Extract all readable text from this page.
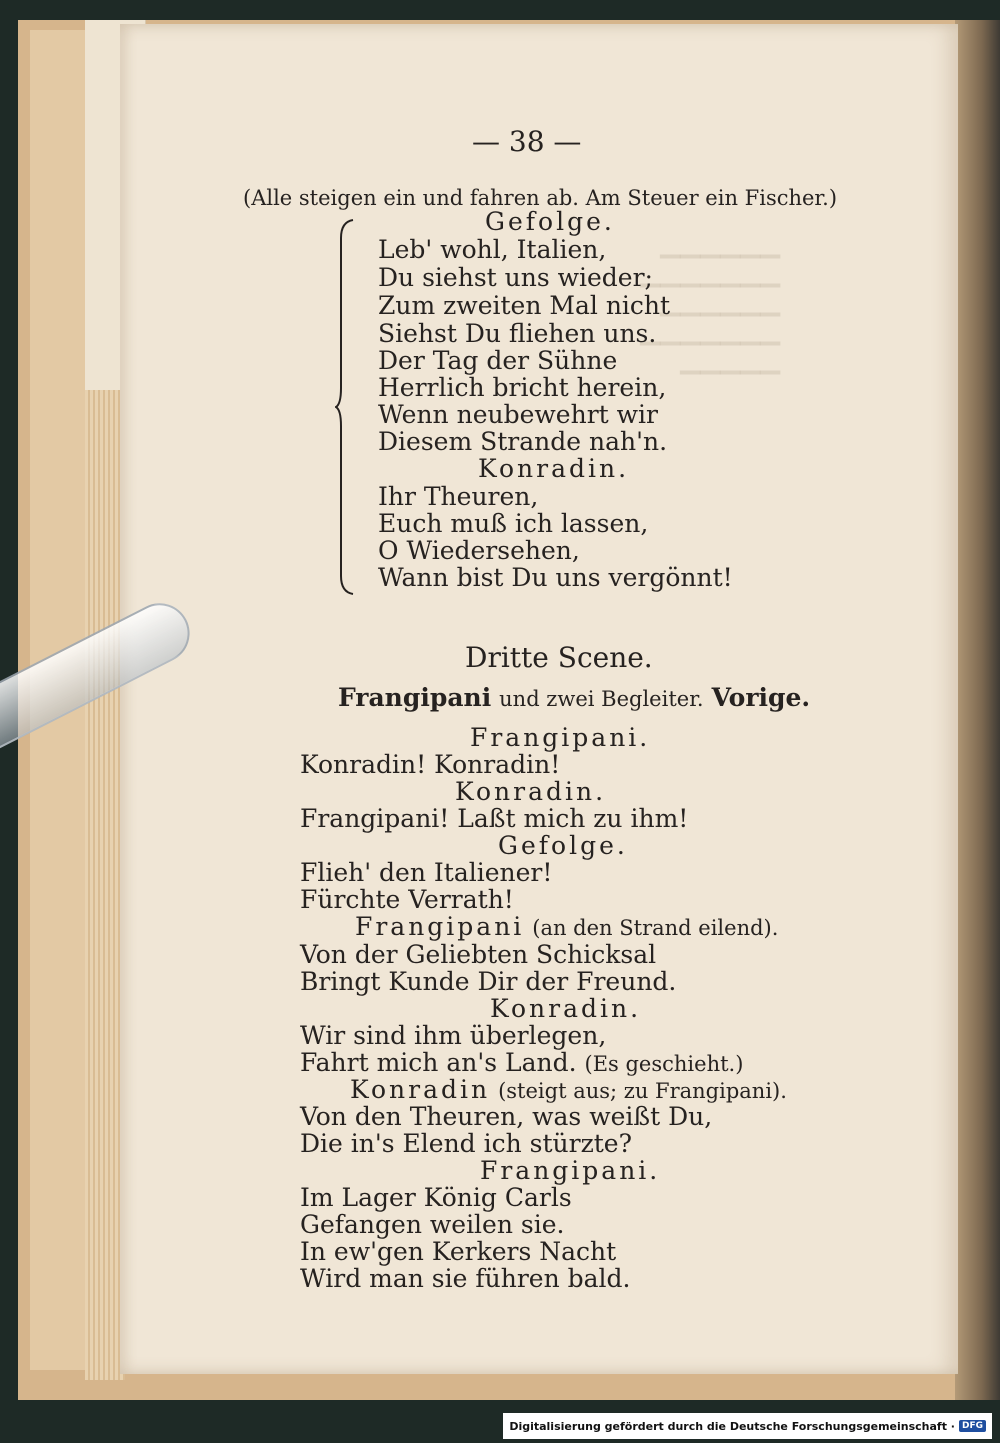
▁▁▁▁▁▁
▁▁▁▁▁▁▁
▁▁▁▁▁▁
▁▁▁▁▁▁▁
▁▁▁▁▁
— 38 —
(Alle steigen ein und fahren ab. Am Steuer ein Fischer.)
Gefolge.
Leb' wohl, Italien,
Du siehst uns wieder;
Zum zweiten Mal nicht
Siehst Du fliehen uns.
Der Tag der Sühne
Herrlich bricht herein,
Wenn neubewehrt wir
Diesem Strande nah'n.
Konradin.
Ihr Theuren,
Euch muß ich lassen,
O Wiedersehen,
Wann bist Du uns vergönnt!
Dritte Scene.
Frangipani und zwei Begleiter. Vorige.
Frangipani.
Konradin! Konradin!
Konradin.
Frangipani! Laßt mich zu ihm!
Gefolge.
Flieh' den Italiener!
Fürchte Verrath!
Frangipani (an den Strand eilend).
Von der Geliebten Schicksal
Bringt Kunde Dir der Freund.
Konradin.
Wir sind ihm überlegen,
Fahrt mich an's Land. (Es geschieht.)
Konradin (steigt aus; zu Frangipani).
Von den Theuren, was weißt Du,
Die in's Elend ich stürzte?
Frangipani.
Im Lager König Carls
Gefangen weilen sie.
In ew'gen Kerkers Nacht
Wird man sie führen bald.
Digitalisierung gefördert durch die Deutsche Forschungsgemeinschaft · DFG
